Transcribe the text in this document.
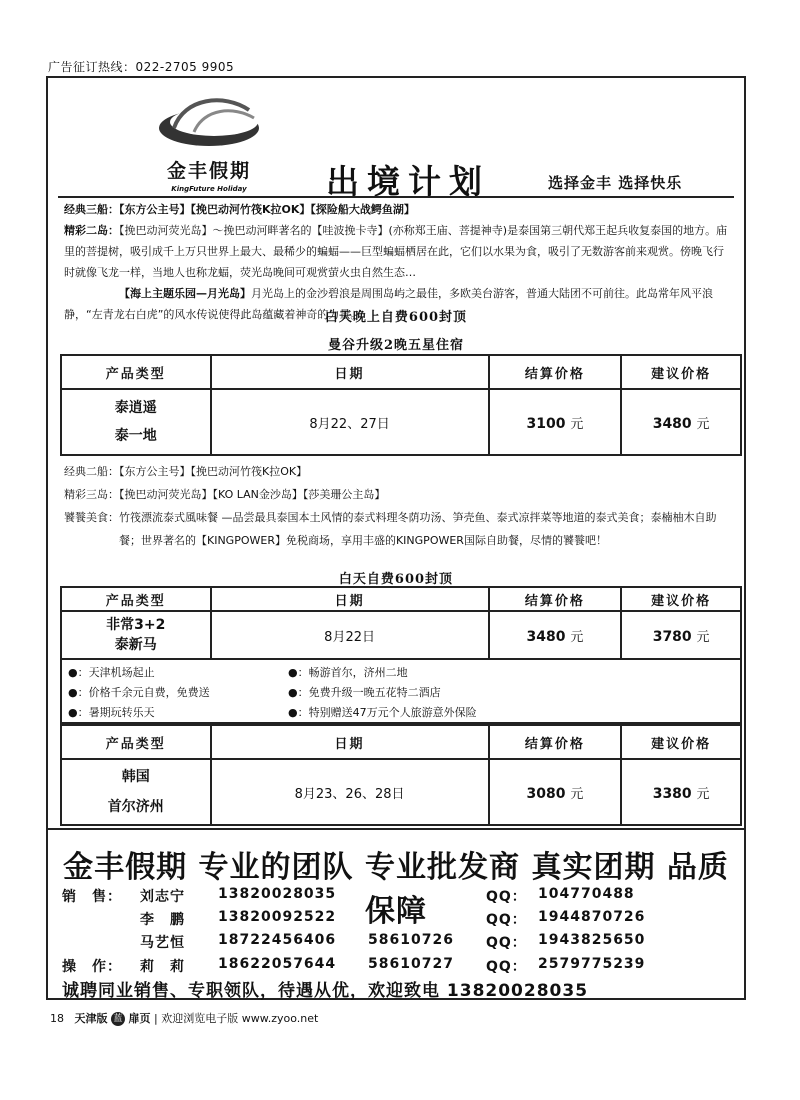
广告征订热线：022-2705 9905
金丰假期
KingFuture Holiday	出境计划	选择金丰 选择快乐
经典三船：【东方公主号】【挽巴动河竹筏K拉OK】【探险船大战鳄鱼湖】
精彩二岛：【挽巴动河荧光岛】～挽巴动河畔著名的【哇波挽卡寺】(亦称郑王庙、菩提神寺)是泰国第三朝代郑王起兵收复泰国的地方。庙里的菩提树，吸引成千上万只世界上最大、最稀少的蝙蝠——巨型蝙蝠栖居在此，它们以水果为食，吸引了无数游客前来观赏。傍晚飞行时就像飞龙一样，当地人也称龙蝠，荧光岛晚间可观赏萤火虫自然生态…
【海上主题乐园—月光岛】月光岛上的金沙碧浪是周围岛屿之最佳，多欧美台游客，普通大陆团不可前往。此岛常年风平浪静，“左青龙右白虎”的风水传说使得此岛蕴藏着神奇的力量。
白天晚上自费600封顶
曼谷升级2晚五星住宿
产品类型	日期	结算价格	建议价格

泰逍遥
泰一地	8月22、27日	3100 元	3480 元
经典二船：【东方公主号】【挽巴动河竹筏K拉OK】
精彩三岛：【挽巴动河荧光岛】【KO LAN金沙岛】【莎美珊公主岛】
饕餮美食：竹筏漂流泰式風味餐 —品尝最具泰国本土风情的泰式料理冬荫功汤、笋壳鱼、泰式凉拌菜等地道的泰式美食；泰楠柚木自助餐；世界著名的【KINGPOWER】免税商场，享用丰盛的KINGPOWER国际自助餐，尽情的饕餮吧！
白天自费600封顶
产品类型	日期	结算价格	建议价格

非常3+2
泰新马	8月22日	3480 元	3780 元
●：天津机场起止	●：畅游首尔，济州二地
●：价格千余元自费，免费送	●：免费升级一晚五花特二酒店
●：暑期玩转乐天	●：特别赠送47万元个人旅游意外保险
产品类型	日期	结算价格	建议价格

韩国
首尔济州	8月23、26、28日	3080 元	3380 元
金丰假期 专业的团队 专业批发商 真实团期 品质保障
销　售：
操　作：
刘志宁 13820028035	QQ： 104770488
李　鹏 13820092522	QQ： 1944870726
马艺恒 18722456406 58610726 QQ： 1943825650
莉　莉 18622057644 58610727 QQ： 2579775239
诚聘同业销售、专职领队，待遇从优，欢迎致电 13820028035
18 天津版 蓝 扉页 | 欢迎浏览电子版 www.zyoo.net
